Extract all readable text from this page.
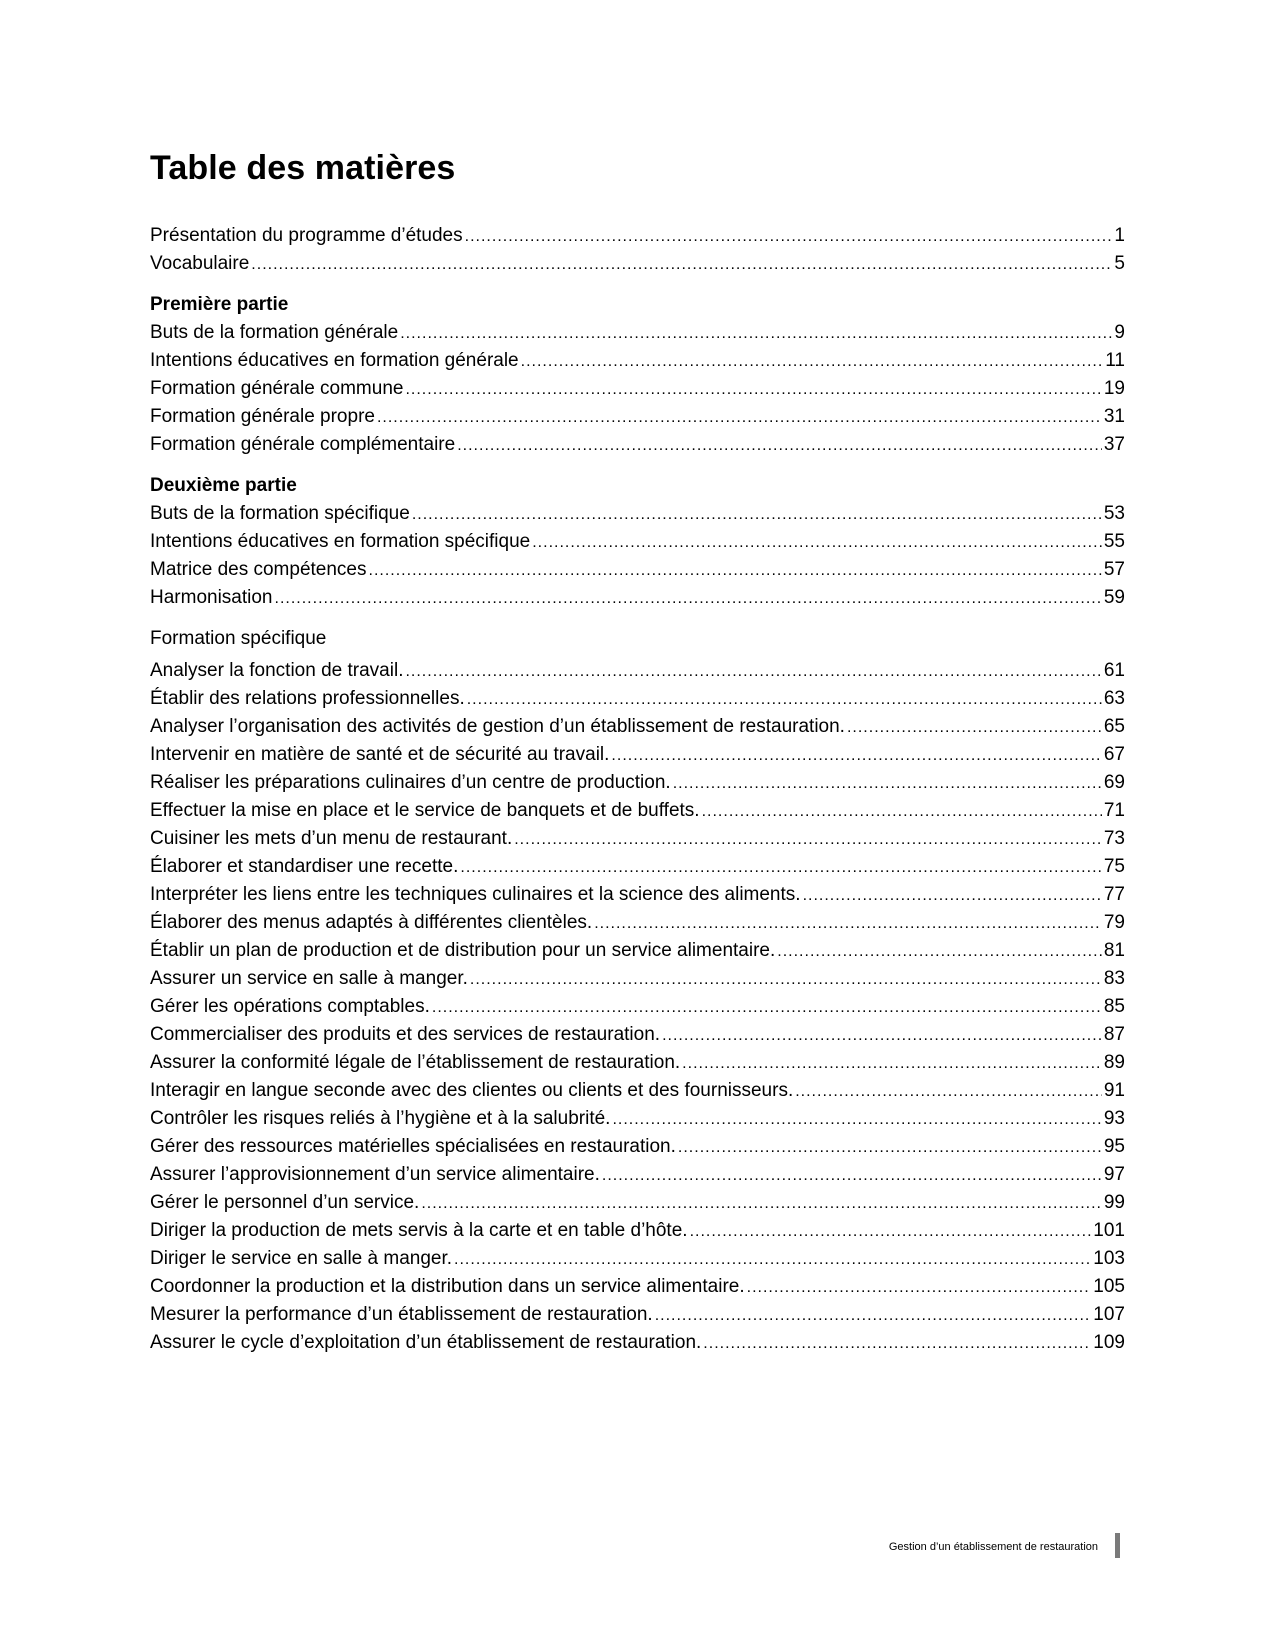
Table des matières
Présentation du programme d’études .....	1
Vocabulaire .....	5
Première partie
Buts de la formation générale .....	9
Intentions éducatives en formation générale .....	11
Formation générale commune .....	19
Formation générale propre .....	31
Formation générale complémentaire .....	37
Deuxième partie
Buts de la formation spécifique .....	53
Intentions éducatives en formation spécifique .....	55
Matrice des compétences .....	57
Harmonisation .....	59
Formation spécifique
Analyser la fonction de travail. .....	61
Établir des relations professionnelles. .....	63
Analyser l’organisation des activités de gestion d’un établissement de restauration. .....	65
Intervenir en matière de santé et de sécurité au travail. .....	67
Réaliser les préparations culinaires d’un centre de production. .....	69
Effectuer la mise en place et le service de banquets et de buffets. .....	71
Cuisiner les mets d’un menu de restaurant. .....	73
Élaborer et standardiser une recette. .....	75
Interpréter les liens entre les techniques culinaires et la science des aliments. .....	77
Élaborer des menus adaptés à différentes clientèles. .....	79
Établir un plan de production et de distribution pour un service alimentaire. .....	81
Assurer un service en salle à manger. .....	83
Gérer les opérations comptables. .....	85
Commercialiser des produits et des services de restauration. .....	87
Assurer la conformité légale de l’établissement de restauration. .....	89
Interagir en langue seconde avec des clientes ou clients et des fournisseurs. .....	91
Contrôler les risques reliés à l’hygiène et à la salubrité. .....	93
Gérer des ressources matérielles spécialisées en restauration. .....	95
Assurer l’approvisionnement d’un service alimentaire. .....	97
Gérer le personnel d’un service. .....	99
Diriger la production de mets servis à la carte et en table d’hôte. .....	101
Diriger le service en salle à manger. .....	103
Coordonner la production et la distribution dans un service alimentaire. .....	105
Mesurer la performance d’un établissement de restauration. .....	107
Assurer le cycle d’exploitation d’un établissement de restauration. .....	109
Gestion d’un établissement de restauration
